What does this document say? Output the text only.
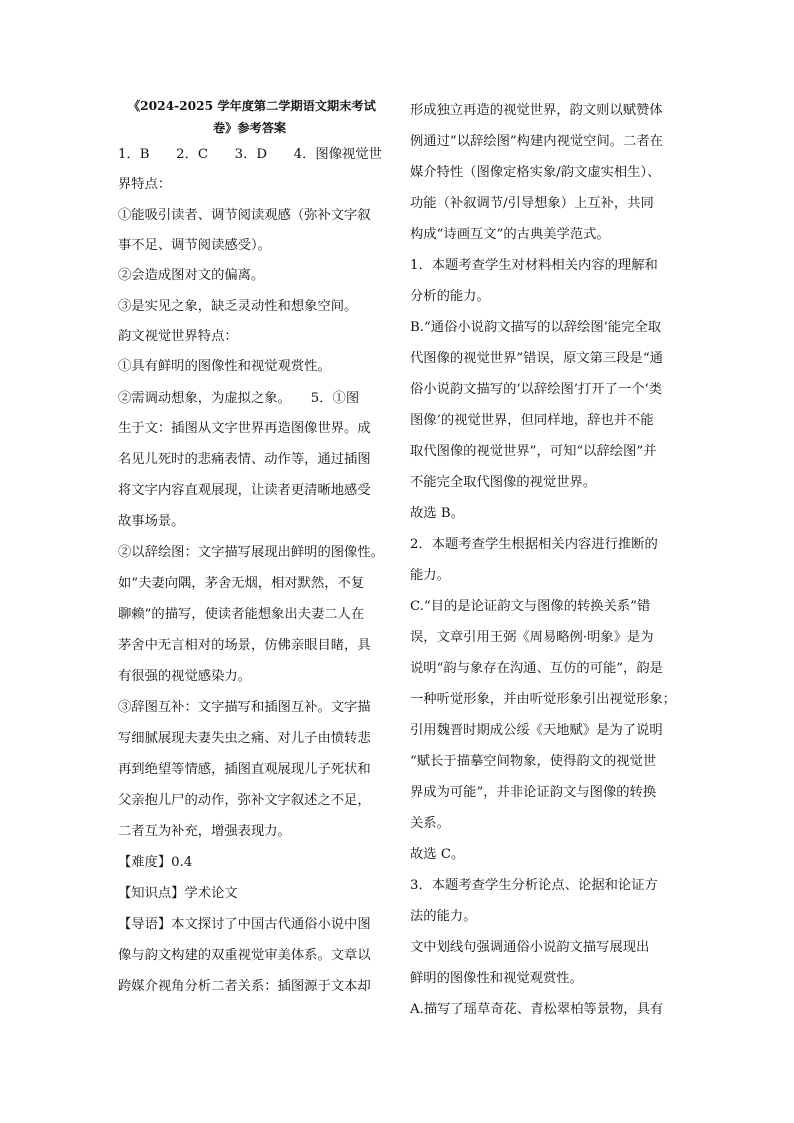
《2024-2025 学年度第二学期语文期末考试
卷》参考答案
1．B　　2．C　　3．D　　4．图像视觉世
界特点：
①能吸引读者、调节阅读观感（弥补文字叙
事不足、调节阅读感受）。
②会造成图对文的偏离。
③是实见之象，缺乏灵动性和想象空间。
韵文视觉世界特点：
①具有鲜明的图像性和视觉观赏性。
②需调动想象，为虚拟之象。　　5．①图
生于文：插图从文字世界再造图像世界。成
名见儿死时的悲痛表情、动作等，通过插图
将文字内容直观展现，让读者更清晰地感受
故事场景。
②以辞绘图：文字描写展现出鲜明的图像性。
如“夫妻向隅，茅舍无烟，相对默然，不复
聊赖”的描写，使读者能想象出夫妻二人在
茅舍中无言相对的场景，仿佛亲眼目睹，具
有很强的视觉感染力。
③辞图互补：文字描写和插图互补。文字描
写细腻展现夫妻失虫之痛、对儿子由愤转悲
再到绝望等情感，插图直观展现儿子死状和
父亲抱儿尸的动作，弥补文字叙述之不足，
二者互为补充，增强表现力。
【难度】0.4
【知识点】学术论文
【导语】本文探讨了中国古代通俗小说中图
像与韵文构建的双重视觉审美体系。文章以
跨媒介视角分析二者关系：插图源于文本却
形成独立再造的视觉世界，韵文则以赋赞体
例通过“以辞绘图”构建内视觉空间。二者在
媒介特性（图像定格实象/韵文虚实相生）、
功能（补叙调节/引导想象）上互补，共同
构成“诗画互文”的古典美学范式。
1．本题考查学生对材料相关内容的理解和
分析的能力。
B.“通俗小说韵文描写的以辞绘图’能完全取
代图像的视觉世界”错误，原文第三段是“通
俗小说韵文描写的‘以辞绘图’打开了一个‘类
图像’的视觉世界，但同样地，辞也并不能
取代图像的视觉世界”，可知“以辞绘图”并
不能完全取代图像的视觉世界。
故选 B。
2．本题考查学生根据相关内容进行推断的
能力。
C.“目的是论证韵文与图像的转换关系”错
误，文章引用王弼《周易略例·明象》是为
说明“韵与象存在沟通、互仿的可能”，韵是
一种听觉形象，并由听觉形象引出视觉形象；
引用魏晋时期成公绥《天地赋》是为了说明
“赋长于描摹空间物象，使得韵文的视觉世
界成为可能”，并非论证韵文与图像的转换
关系。
故选 C。
3．本题考查学生分析论点、论据和论证方
法的能力。
文中划线句强调通俗小说韵文描写展现出
鲜明的图像性和视觉观赏性。
A.描写了瑶草奇花、青松翠柏等景物，具有
